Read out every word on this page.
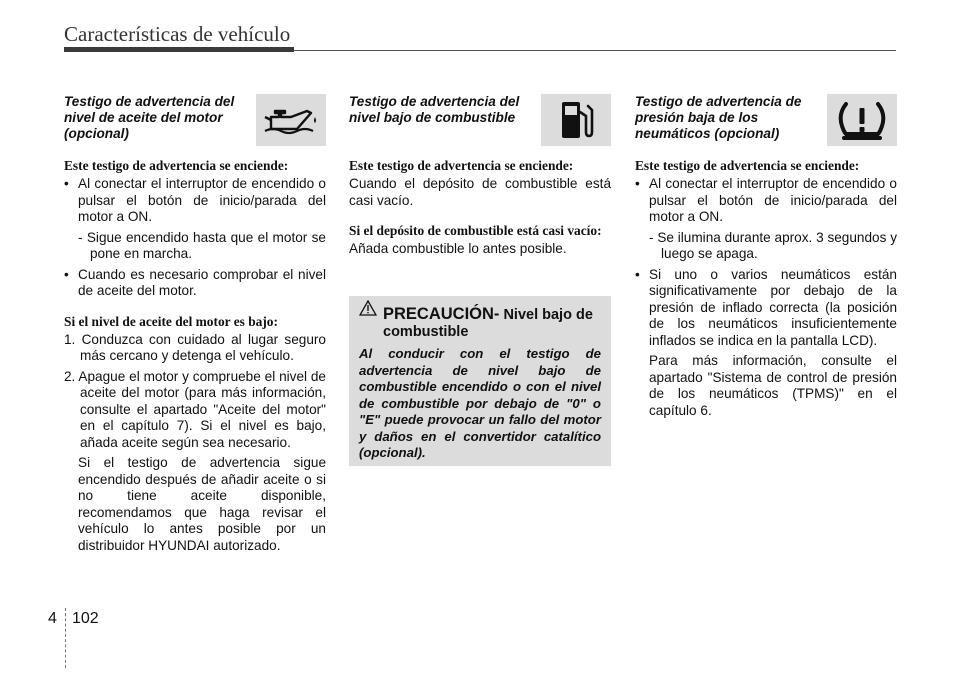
Características de vehículo
Testigo de advertencia del nivel de aceite del motor (opcional)
Este testigo de advertencia se enciende:
• Al conectar el interruptor de encendido o pulsar el botón de inicio/parada del motor a ON.
- Sigue encendido hasta que el motor se pone en marcha.
• Cuando es necesario comprobar el nivel de aceite del motor.
Si el nivel de aceite del motor es bajo:
1. Conduzca con cuidado al lugar seguro más cercano y detenga el vehículo.
2. Apague el motor y compruebe el nivel de aceite del motor (para más información, consulte el apartado "Aceite del motor" en el capítulo 7). Si el nivel es bajo, añada aceite según sea necesario.
Si el testigo de advertencia sigue encendido después de añadir aceite o si no tiene aceite disponible, recomendamos que haga revisar el vehículo lo antes posible por un distribuidor HYUNDAI autorizado.
Testigo de advertencia del nivel bajo de combustible
Este testigo de advertencia se enciende:

Cuando el depósito de combustible está casi vacío.

Si el depósito de combustible está casi vacío:

Añada combustible lo antes posible.

PRECAUCIÓN- Nivel bajo de combustible
Al conducir con el testigo de advertencia de nivel bajo de combustible encendido o con el nivel de combustible por debajo de "0" o "E" puede provocar un fallo del motor y daños en el convertidor catalítico (opcional).
Testigo de advertencia de presión baja de los neumáticos (opcional)
Este testigo de advertencia se enciende:
• Al conectar el interruptor de encendido o pulsar el botón de inicio/parada del motor a ON.
- Se ilumina durante aprox. 3 segundos y luego se apaga.
• Si uno o varios neumáticos están significativamente por debajo de la presión de inflado correcta (la posición de los neumáticos insuficientemente inflados se indica en la pantalla LCD).
Para más información, consulte el apartado "Sistema de control de presión de los neumáticos (TPMS)" en el capítulo 6.
4 102
